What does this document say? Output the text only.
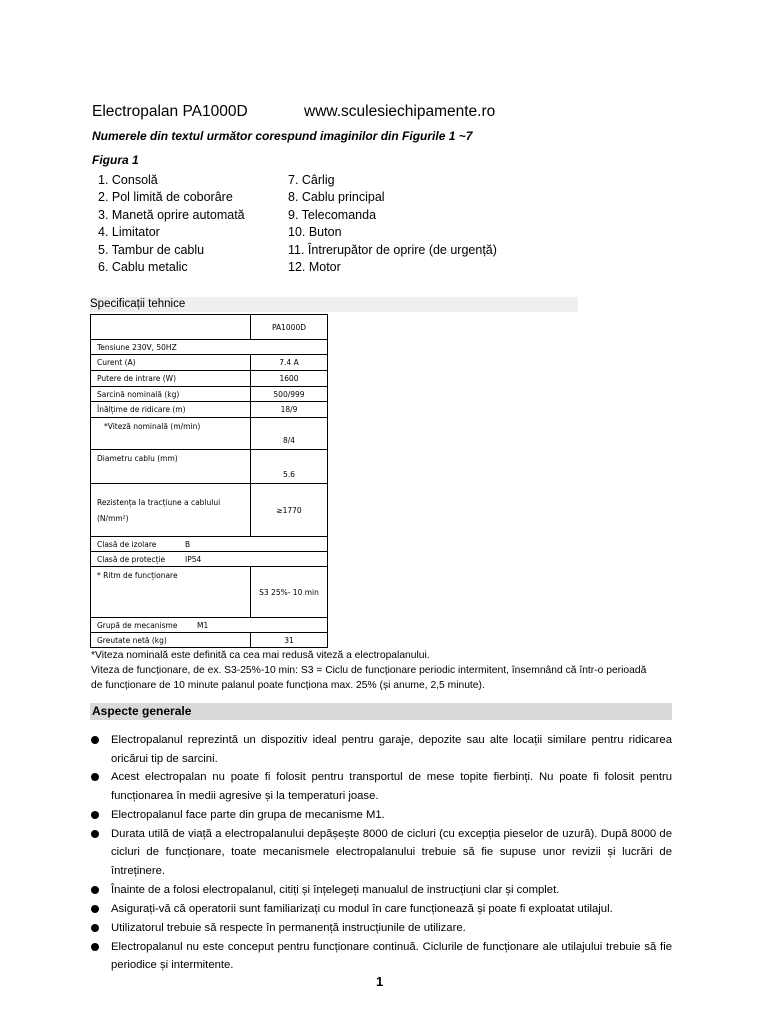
Electropalan PA1000D	www.sculesiechipamente.ro
Numerele din textul următor corespund imaginilor din Figurile 1 ~7
Figura 1
1. Consolă
2. Pol limită de coborâre
3. Manetă oprire automată
4. Limitator
5. Tambur de cablu
6. Cablu metalic
7. Cârlig
8. Cablu principal
9. Telecomanda
10. Buton
11. Întrerupător de oprire (de urgență)
12. Motor
Specificații tehnice
	PA1000D
Tensiune 230V, 50HZ	
Curent (A)	7.4 A
Putere de intrare (W)	1600
Sarcină nominală (kg)	500/999
Înălțime de ridicare (m)	18/9
*Viteză nominală (m/min)	8/4
Diametru cablu (mm)	5.6

Rezistența la tracțiune a cablului
(N/mm²)	≥1770
Clasă de izolare B	
Clasă de protecție IP54	
* Ritm de funcționare	S3 25%- 10 min
Grupă de mecanisme M1	
Greutate netă (kg)	31
*Viteza nominală este definită ca cea mai redusă viteză a electropalanului.
Viteza de funcționare, de ex. S3-25%-10 min: S3 = Ciclu de funcționare periodic intermitent, însemnând că într-o perioadă
de funcționare de 10 minute palanul poate funcționa max. 25% (și anume, 2,5 minute).
Aspecte generale
Electropalanul reprezintă un dispozitiv ideal pentru garaje, depozite sau alte locații similare pentru ridicarea oricărui tip de sarcini.
Acest electropalan nu poate fi folosit pentru transportul de mese topite fierbinți. Nu poate fi folosit pentru funcționarea în medii agresive și la temperaturi joase.
Electropalanul face parte din grupa de mecanisme M1.
Durata utilă de viață a electropalanului depășește 8000 de cicluri (cu excepția pieselor de uzură). După 8000 de cicluri de funcționare, toate mecanismele electropalanului trebuie să fie supuse unor revizii și lucrări de întreținere.
Înainte de a folosi electropalanul, citiți și înțelegeți manualul de instrucțiuni clar și complet.
Asigurați-vă că operatorii sunt familiarizați cu modul în care funcționează și poate fi exploatat utilajul.
Utilizatorul trebuie să respecte în permanență instrucțiunile de utilizare.
Electropalanul nu este conceput pentru funcționare continuă. Ciclurile de funcționare ale utilajului trebuie să fie periodice și intermitente.
1
